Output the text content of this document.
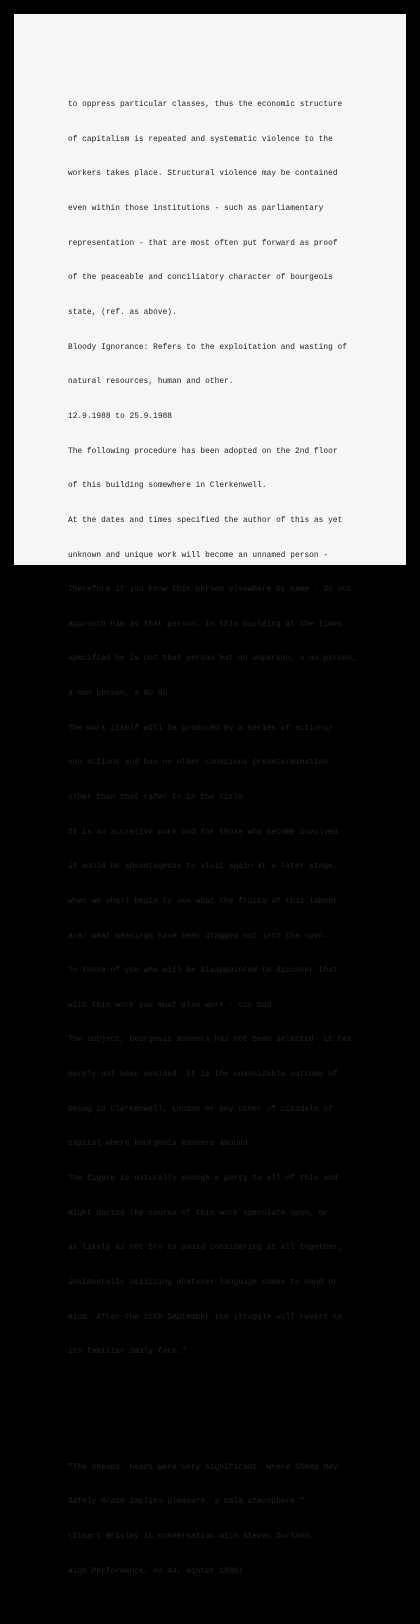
to oppress particular classes, thus the economic structure

of capitalism is repeated and systematic violence to the

workers takes place. Structural violence may be contained

even within those institutions - such as parliamentary

representation - that are most often put forward as proof

of the peaceable and conciliatory character of bourgeois

state, (ref. as above).

Bloody Ignorance: Refers to the exploitation and wasting of

natural resources, human and other.

12.9.1988 to 25.9.1988

The following procedure has been adopted on the 2nd floor

of this building somewhere in Clerkenwell.

At the dates and times specified the author of this as yet

unknown and unique work will become an unnamed person -

Therefore if you know this person elsewhere by name - do not

approach him as that person. In this building at the times

specified he is not that person but an unperson, a no person,

a non person, a NO NO.

The work itself will be produced by a series of actions/

non actions and has no other conscious predetermination

other than that refer to in the title.

It is an accretive work and for those who become involved

it would be advantageous to visit again at a later stage,

when we shall begin to see what the fruits of this labour

are/ what meanings have been dragged out into the open.

To those of you who will be disappointed to discover that

with this work you must also work - too bad.

The subject, bourgeois manners has not been selected- it has

merely not been avoided. It is the unavoidable outcome of

being in Clerkenwell, London or any other of citadels of

capital where bourgeois manners abound.

The figure is naturally enough a party to all of this and

might during the course of this work speculate upon, or

as likely as not try to avoid considering it all together,

incidentally utilizing whatever language comes to hand or

mind. After the 25th September the struggle will revert to

its familiar daily form."

"The sheeps' heads were very significant. Where Sheep May

Safely Graze implies pleasure, a calm atmosphere."

(Stuart Brisley in conversation with Steven Durland,

High Performance, no.44, Winter 1988)
